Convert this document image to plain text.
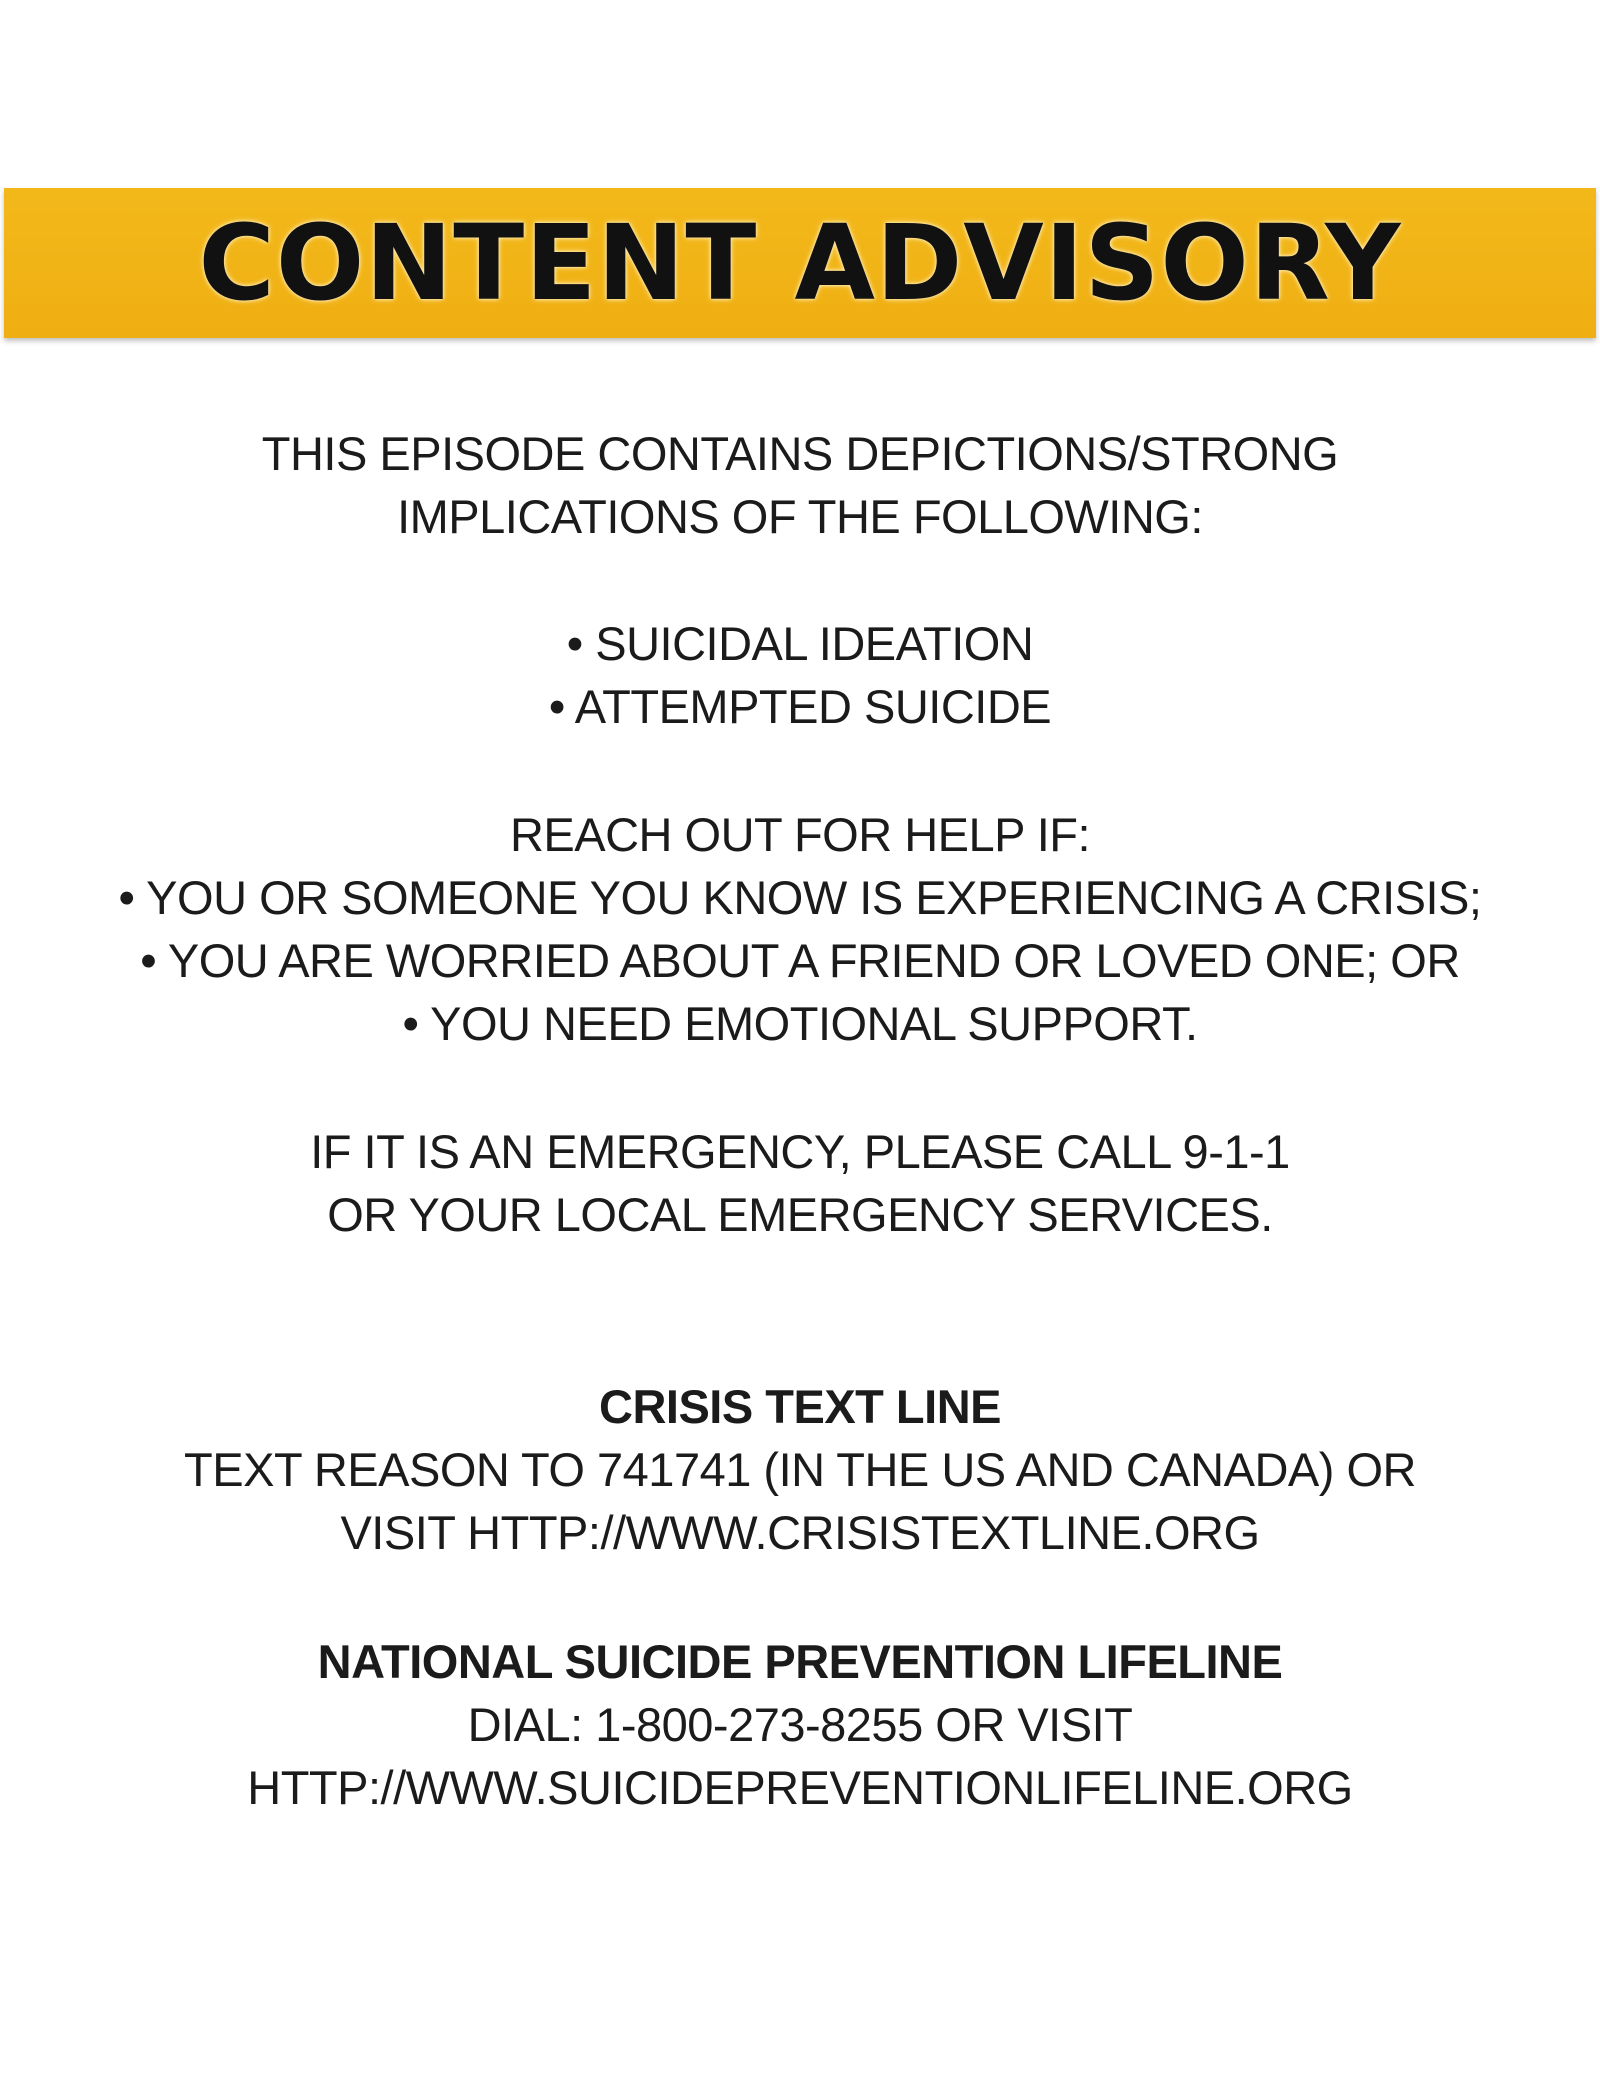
CONTENT ADVISORY
THIS EPISODE CONTAINS DEPICTIONS/STRONG
IMPLICATIONS OF THE FOLLOWING:
• SUICIDAL IDEATION
• ATTEMPTED SUICIDE
REACH OUT FOR HELP IF:
• YOU OR SOMEONE YOU KNOW IS EXPERIENCING A CRISIS;
• YOU ARE WORRIED ABOUT A FRIEND OR LOVED ONE; OR
• YOU NEED EMOTIONAL SUPPORT.
IF IT IS AN EMERGENCY, PLEASE CALL 9-1-1
OR YOUR LOCAL EMERGENCY SERVICES.
CRISIS TEXT LINE
TEXT REASON TO 741741 (IN THE US AND CANADA) OR
VISIT HTTP://WWW.CRISISTEXTLINE.ORG
NATIONAL SUICIDE PREVENTION LIFELINE
DIAL: 1-800-273-8255 OR VISIT
HTTP://WWW.SUICIDEPREVENTIONLIFELINE.ORG
